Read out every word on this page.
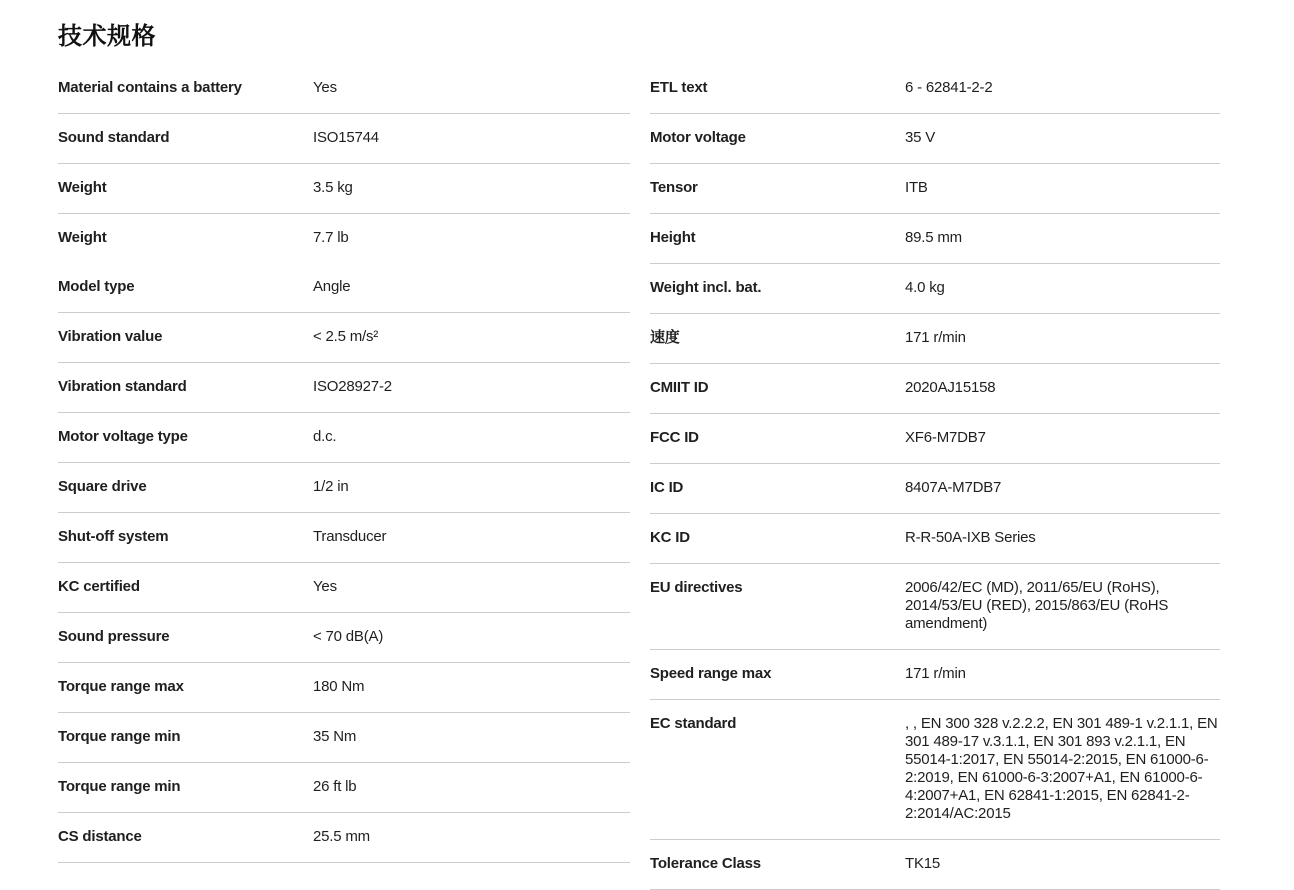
技术规格
Material contains a battery	Yes
Sound standard	ISO15744
Weight	3.5 kg
Weight	7.7 lb
Model type	Angle
Vibration value	< 2.5 m/s²
Vibration standard	ISO28927-2
Motor voltage type	d.c.
Square drive	1/2 in
Shut-off system	Transducer
KC certified	Yes
Sound pressure	< 70 dB(A)
Torque range max	180 Nm
Torque range min	35 Nm
Torque range min	26 ft lb
CS distance	25.5 mm
ETL text	6 - 62841-2-2
Motor voltage	35 V
Tensor	ITB
Height	89.5 mm
Weight incl. bat.	4.0 kg
速度	171 r/min
CMIIT ID	2020AJ15158
FCC ID	XF6-M7DB7
IC ID	8407A-M7DB7
KC ID	R-R-50A-IXB Series
EU directives	2006/42/EC (MD), 2011/65/EU (RoHS), 2014/53/EU (RED), 2015/863/EU (RoHS amendment)
Speed range max	171 r/min
EC standard	, , EN 300 328 v.2.2.2, EN 301 489-1 v.2.1.1, EN 301 489-17 v.3.1.1, EN 301 893 v.2.1.1, EN 55014-1:2017, EN 55014-2:2015, EN 61000-6-2:2019, EN 61000-6-3:2007+A1, EN 61000-6-4:2007+A1, EN 62841-1:2015, EN 62841-2-2:2014/AC:2015
Tolerance Class	TK15
